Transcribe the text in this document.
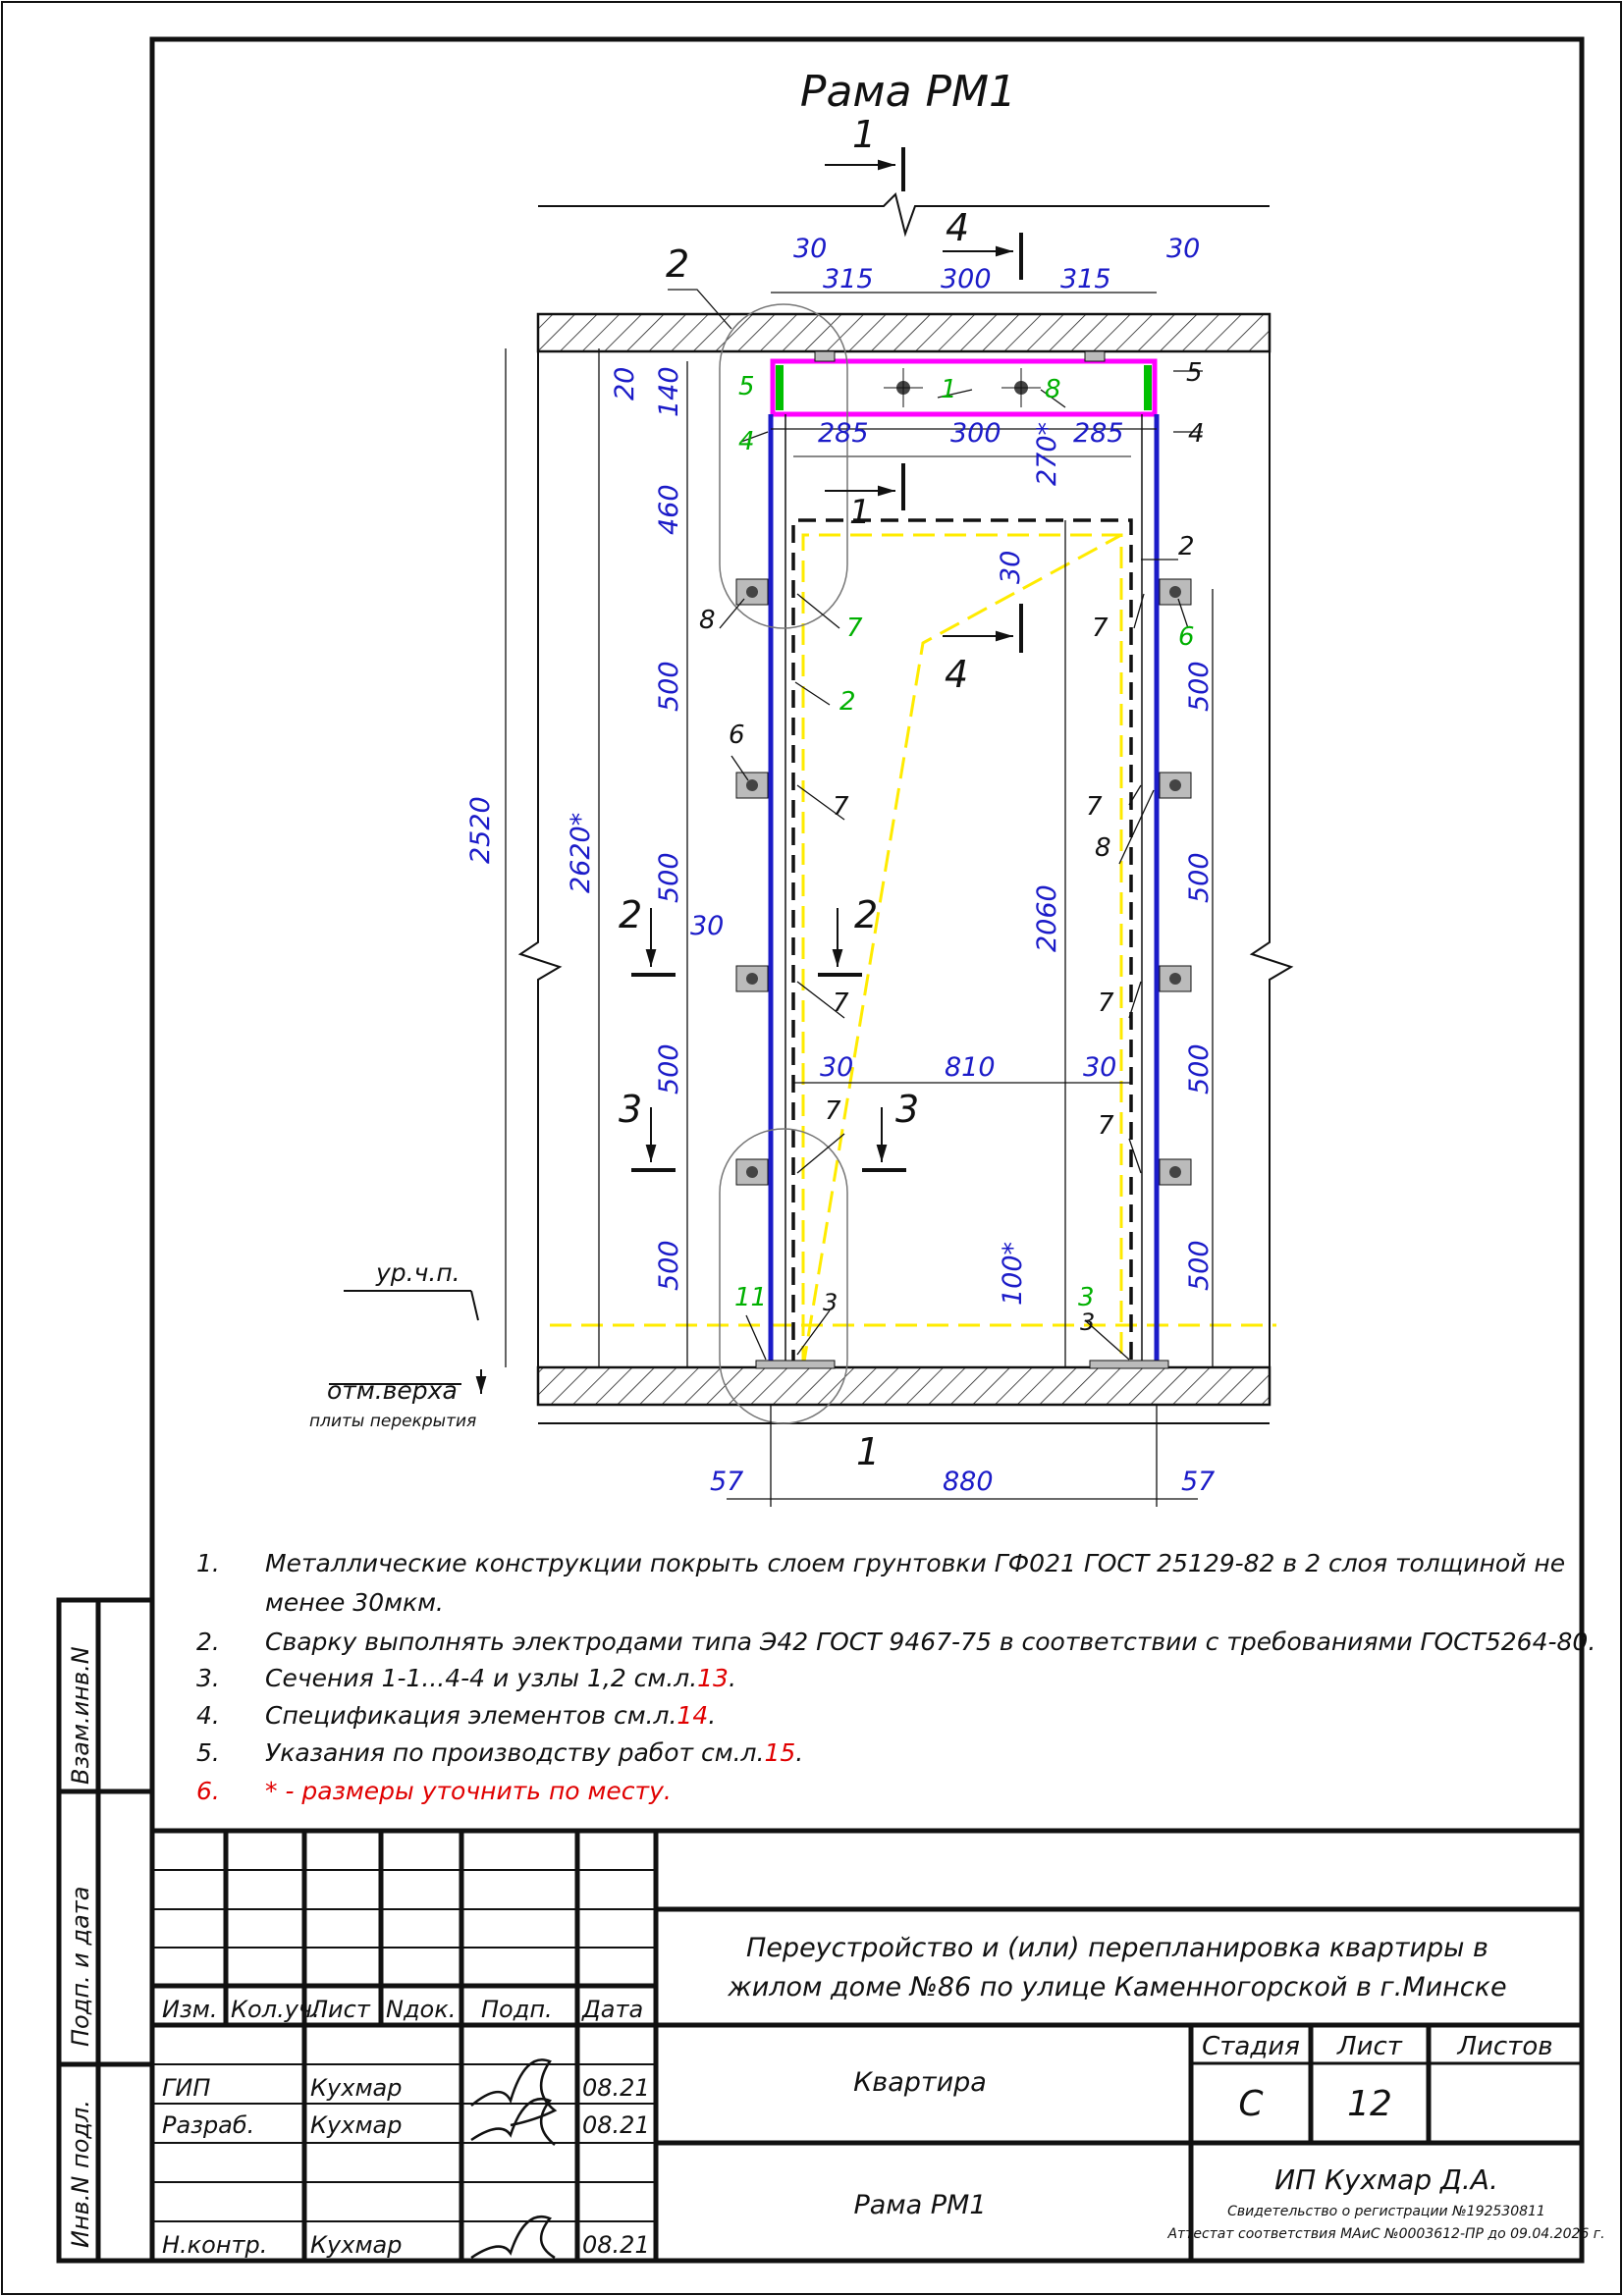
Рама РМ1
1
4
1
4
2	2
3	3
2
1
ур.ч.п.
отм.верха
плиты перекрытия
2520	2620*
2060
810
880
57	57
30	30
315	300	315
285	300	285
270*
30
20 140
460
500
500
500
500
500
500
500
500
30
30	30
100*
5
5	1	8
4	4
2
2
8	7	7	6
6
7	7
8
7	7
7	7
3	3
3
11
Взам.инв.N
Подп. и дата
Инв.N подл.
Изм. Кол.уч.
Лист Nдок. Подп. Дата
ГИП	Кухмар	08.21
Разраб. Кухмар	08.21
Н.контр. Кухмар	08.21
Переустройство и (или) перепланировка квартиры в
жилом доме №86 по улице Каменногорской в г.Минске
Квартира
Рама РМ1
Стадия Лист Листов
С 12
ИП Кухмар Д.А.
Свидетельство о регистрации №192530811
Аттестат соответствия МАиС №0003612-ПР до 09.04.2026 г.
1. Металлические конструкции покрыть слоем грунтовки ГФ021 ГОСТ 25129-82 в 2 слоя толщиной не
менее 30мкм.
2. Сварку выполнять электродами типа Э42 ГОСТ 9467-75 в соответствии с требованиями ГОСТ5264-80.
3. Сечения 1-1...4-4 и узлы 1,2 см.л.13.
4. Спецификация элементов см.л.14.
5. Указания по производству работ см.л.15.
6. * - размеры уточнить по месту.
